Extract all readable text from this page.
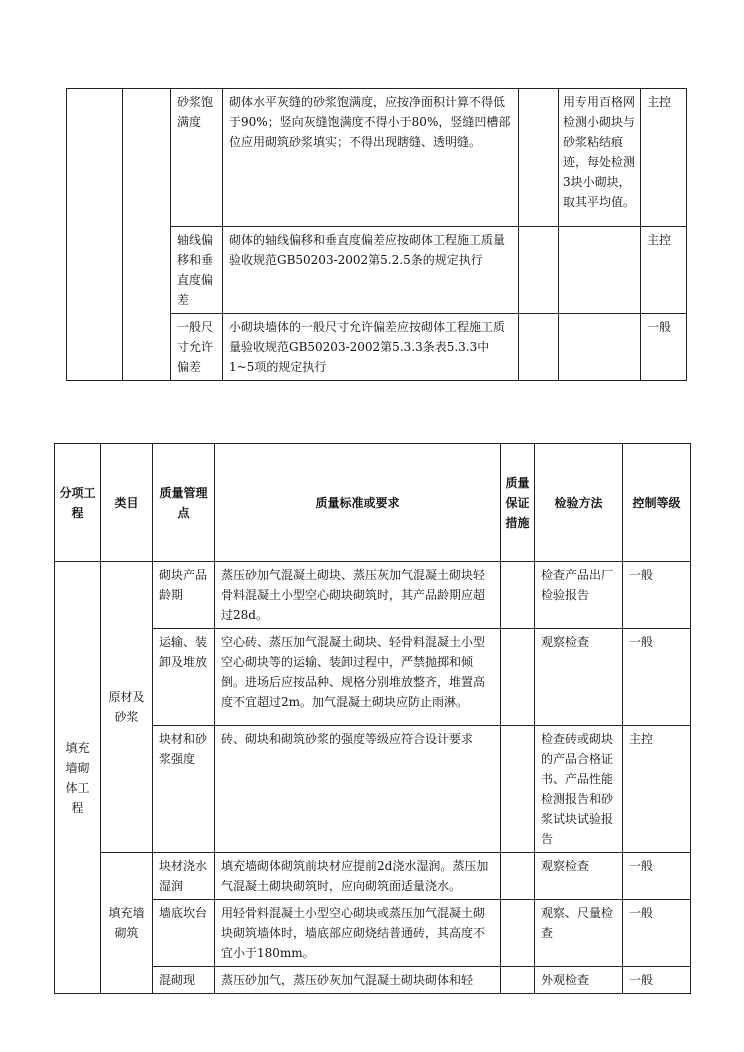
		砂浆饱满度	砌体水平灰缝的砂浆饱满度，应按净面积计算不得低于90%；竖向灰缝饱满度不得小于80%，竖缝凹槽部位应用砌筑砂浆填实；不得出现瞎缝、透明缝。		用专用百格网检测小砌块与砂浆粘结痕迹，每处检测3块小砌块，取其平均值。	主控
		轴线偏移和垂直度偏差	砌体的轴线偏移和垂直度偏差应按砌体工程施工质量验收规范GB50203-2002第5.2.5条的规定执行			主控
		一般尺寸允许偏差	小砌块墙体的一般尺寸允许偏差应按砌体工程施工质量验收规范GB50203-2002第5.3.3条表5.3.3中1~5项的规定执行			一般
分项工程	类目	质量管理点	质量标准或要求	质量保证措施	检验方法	控制等级
填充墙砌体工程	原材及砂浆	砌块产品龄期	蒸压砂加气混凝土砌块、蒸压灰加气混凝土砌块轻骨料混凝土小型空心砌块砌筑时，其产品龄期应超过28d。		检查产品出厂检验报告	一般
		运输、装卸及堆放	空心砖、蒸压加气混凝土砌块、轻骨料混凝土小型空心砌块等的运输、装卸过程中，严禁抛掷和倾倒。进场后应按品种、规格分别堆放整齐，堆置高度不宜超过2m。加气混凝土砌块应防止雨淋。		观察检查	一般
		块材和砂浆强度	砖、砌块和砌筑砂浆的强度等级应符合设计要求		检查砖或砌块的产品合格证书、产品性能检测报告和砂浆试块试验报告	主控
	填充墙砌筑	块材浇水湿润	填充墙砌体砌筑前块材应提前2d浇水湿润。蒸压加气混凝土砌块砌筑时，应向砌筑面适量浇水。		观察检查	一般
		墙底坎台	用轻骨料混凝土小型空心砌块或蒸压加气混凝土砌块砌筑墙体时，墙底部应砌烧结普通砖，其高度不宜小于180mm。		观察、尺量检查	一般
		混砌现	蒸压砂加气，蒸压砂灰加气混凝土砌块砌体和轻		外观检查	一般
